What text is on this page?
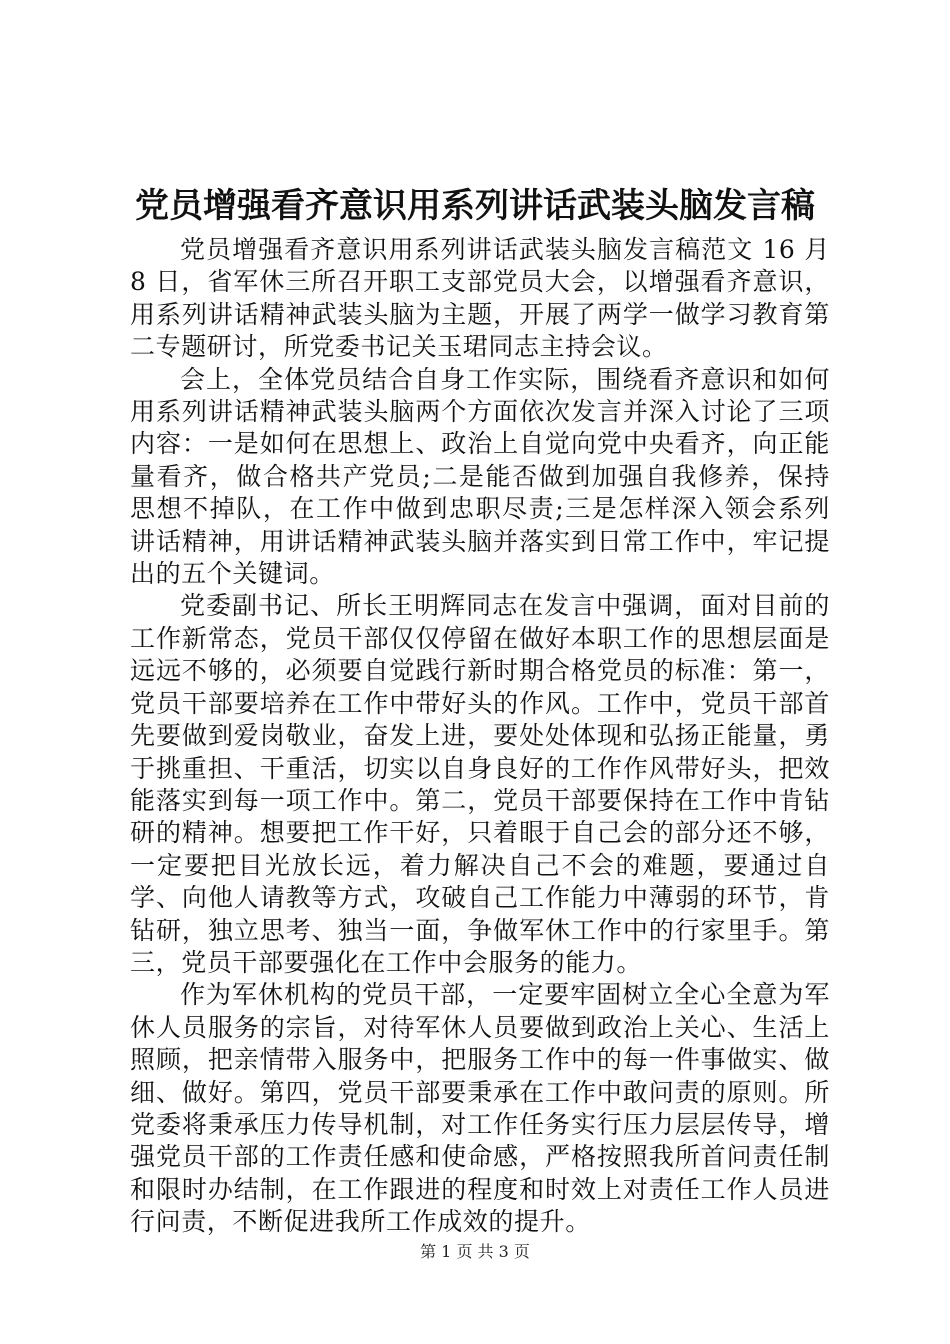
党员增强看齐意识用系列讲话武装头脑发言稿

党员增强看齐意识用系列讲话武装头脑发言稿范文 16 月 8 日，省军休三所召开职工支部党员大会，以增强看齐意识，用系列讲话精神武装头脑为主题，开展了两学一做学习教育第二专题研讨，所党委书记关玉珺同志主持会议。

会上，全体党员结合自身工作实际，围绕看齐意识和如何用系列讲话精神武装头脑两个方面依次发言并深入讨论了三项内容：一是如何在思想上、政治上自觉向党中央看齐，向正能量看齐，做合格共产党员;二是能否做到加强自我修养，保持思想不掉队，在工作中做到忠职尽责;三是怎样深入领会系列讲话精神，用讲话精神武装头脑并落实到日常工作中，牢记提出的五个关键词。

党委副书记、所长王明辉同志在发言中强调，面对目前的工作新常态，党员干部仅仅停留在做好本职工作的思想层面是远远不够的，必须要自觉践行新时期合格党员的标准：第一，党员干部要培养在工作中带好头的作风。工作中，党员干部首先要做到爱岗敬业，奋发上进，要处处体现和弘扬正能量，勇于挑重担、干重活，切实以自身良好的工作作风带好头，把效能落实到每一项工作中。第二，党员干部要保持在工作中肯钻研的精神。想要把工作干好，只着眼于自己会的部分还不够，一定要把目光放长远，着力解决自己不会的难题，要通过自学、向他人请教等方式，攻破自己工作能力中薄弱的环节，肯钻研，独立思考、独当一面，争做军休工作中的行家里手。第三，党员干部要强化在工作中会服务的能力。

作为军休机构的党员干部，一定要牢固树立全心全意为军休人员服务的宗旨，对待军休人员要做到政治上关心、生活上照顾，把亲情带入服务中，把服务工作中的每一件事做实、做细、做好。第四，党员干部要秉承在工作中敢问责的原则。所党委将秉承压力传导机制，对工作任务实行压力层层传导，增强党员干部的工作责任感和使命感，严格按照我所首问责任制和限时办结制，在工作跟进的程度和时效上对责任工作人员进行问责，不断促进我所工作成效的提升。

第 1 页 共 3 页
